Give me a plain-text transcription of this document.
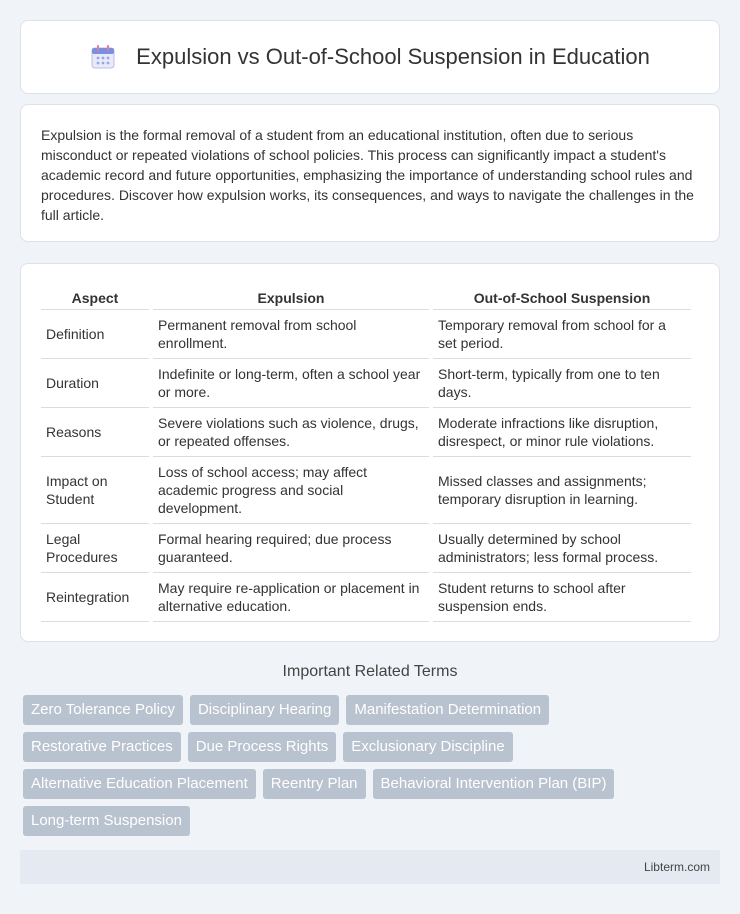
Expulsion vs Out-of-School Suspension in Education

Expulsion is the formal removal of a student from an educational institution, often due to serious misconduct or repeated violations of school policies. This process can significantly impact a student's academic record and future opportunities, emphasizing the importance of understanding school rules and procedures. Discover how expulsion works, its consequences, and ways to navigate the challenges in the full article.

Aspect	Expulsion	Out-of-School Suspension
Definition	Permanent removal from school enrollment.	Temporary removal from school for a set period.
Duration	Indefinite or long-term, often a school year or more.	Short-term, typically from one to ten days.
Reasons	Severe violations such as violence, drugs, or repeated offenses.	Moderate infractions like disruption, disrespect, or minor rule violations.
Impact on Student	Loss of school access; may affect academic progress and social development.	Missed classes and assignments; temporary disruption in learning.
Legal Procedures	Formal hearing required; due process guaranteed.	Usually determined by school administrators; less formal process.
Reintegration	May require re-application or placement in alternative education.	Student returns to school after suspension ends.
Important Related Terms
Zero Tolerance Policy	Disciplinary Hearing	Manifestation Determination
Restorative Practices	Due Process Rights	Exclusionary Discipline
Alternative Education Placement	Reentry Plan	Behavioral Intervention Plan (BIP)
Long-term Suspension
Libterm.com
